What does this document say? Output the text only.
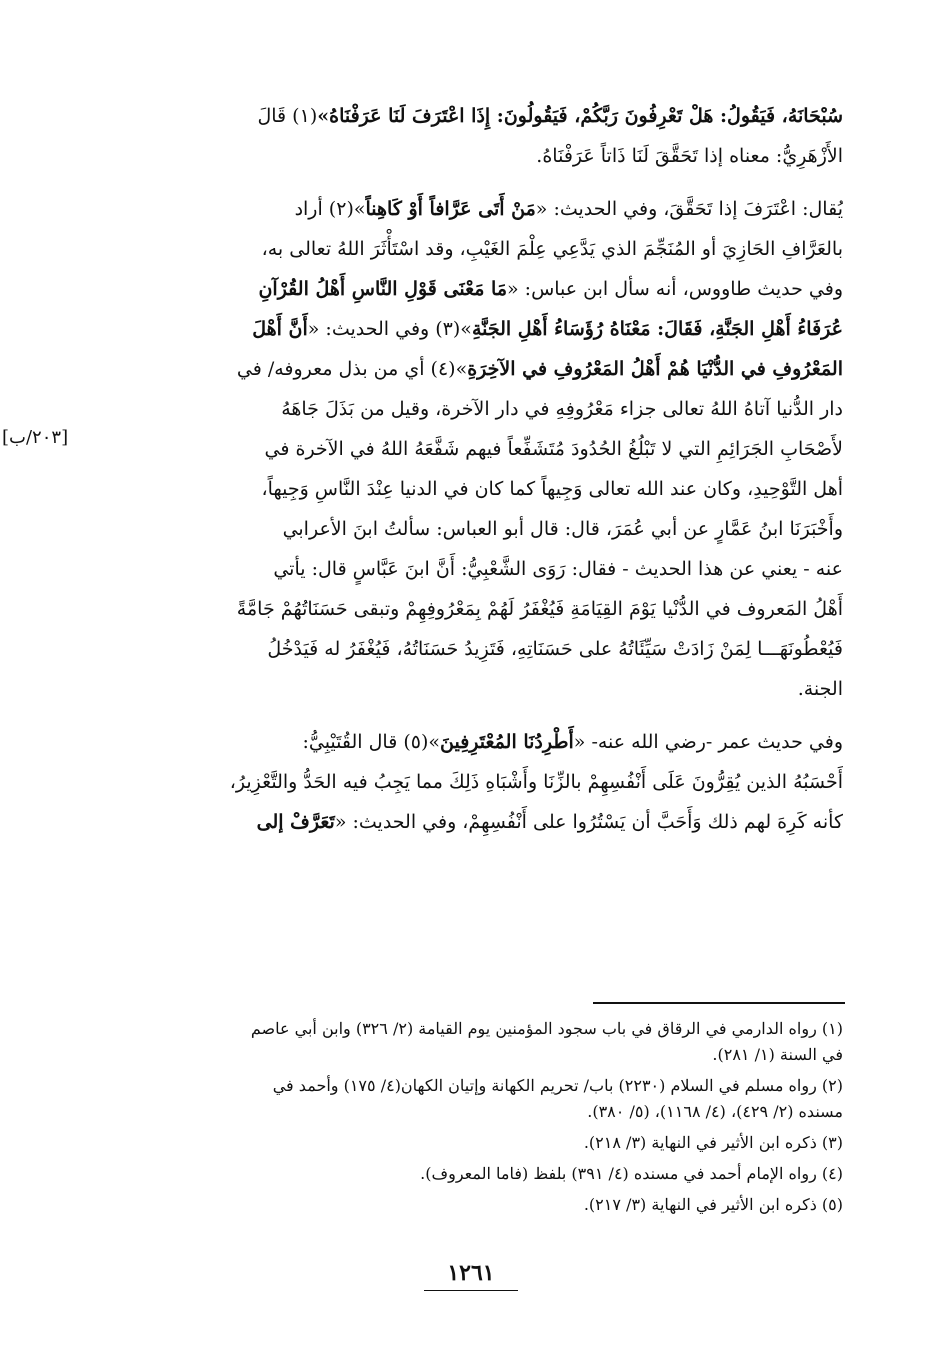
سُبْحَانَهُ، فَيَقُولُ: هَلْ تَعْرِفُونَ رَبَّكُمْ، فَيَقُولُونَ: إِذَا اعْتَرَفَ لَنَا عَرَفْنَاهُ»(١) قَالَ
الأَزْهَرِيُّ: معناه إذا تَحَقَّقَ لَنَا ذَاتاً عَرَفْنَاهُ.
يُقال: اعْتَرَفَ إذا تَحَقَّقَ، وفي الحديث: «مَنْ أَتَى عَرَّافاً أَوْ كَاهِناً»(٢) أراد
بالعَرَّافِ الحَازِيَ أو المُنَجِّمَ الذي يَدَّعِي عِلْمَ الغَيْبِ، وقد اسْتَأْثَرَ اللهُ تعالى به،
وفي حديث طاووس، أنه سأل ابن عباس: «مَا مَعْنَى قَوْلِ النَّاسِ أَهْلُ القُرْآنِ
عُرَفَاءُ أَهْلِ الجَنَّةِ، فَقَالَ: مَعْنَاهُ رُؤَسَاءُ أَهْلِ الجَنَّةِ»(٣) وفي الحديث: «أَنَّ أَهْلَ
المَعْرُوفِ في الدُّنْيَا هُمْ أَهْلُ المَعْرُوفِ في الآخِرَةِ»(٤) أي من بذل معروفه/ في
دار الدُّنيا آتاهُ اللهُ تعالى جزاء مَعْرُوفِهِ في دار الآخرة، وقيل من بَذَلَ جَاهَهُ
لأَصْحَابِ الجَرَائِمِ التي لا تَبْلُغُ الحُدُودَ مُتَشَفِّعاً فيهم شَفَّعَهُ اللهُ في الآخرة في
أهل التَّوْحِيدِ، وكان عند الله تعالى وَجِيهاً كما كان في الدنيا عِنْدَ النَّاسِ وَجِيهاً،
وأَخْبَرَنَا ابنُ عَمَّارٍ عن أبي عُمَرَ، قال: قال أبو العباس: سألتُ ابنَ الأعرابي
عنه - يعني عن هذا الحديث - فقال: رَوَى الشَّعْبِيُّ: أَنَّ ابنَ عَبَّاسٍ قال: يأتي
أَهْلُ المَعروف في الدُّنْيا يَوْمَ القِيَامَةِ فَيُغْفَرُ لَهُمْ بِمَعْرُوفِهِمْ وتبقى حَسَنَاتُهُمْ جَامَّةً
فَيُعْطُونَهَـــا لِمَنْ زَادَتْ سَيِّئَاتُهُ على حَسَنَاتِهِ، فَتَزِيدُ حَسَنَاتُهُ، فَيُغْفَرُ له فَيَدْخُلُ
الجنة.
وفي حديث عمر -رضي الله عنه- «أَطْرِدُنَا المُعْتَرِفِينَ»(٥) قال القُتَيْبِيُّ:
أَحْسَبُهُ الذين يُقِرُّونَ عَلَى أَنْفُسِهِمْ بالزِّنَا وأَشْبَاهِ ذَلِكَ مما يَجِبُ فيه الحَدُّ والتَّعْزِيرُ،
كأنه كَرِهَ لهم ذلك وَأَحَبَّ أن يَسْتُرُوا على أَنْفُسِهِمْ، وفي الحديث: «تَعَرَّفْ إلى
[٢٠٣/ب]
(١) رواه الدارمي في الرقاق في باب سجود المؤمنين يوم القيامة (٢/ ٣٢٦) وابن أبي عاصم
في السنة (١/ ٢٨١).
(٢) رواه مسلم في السلام (٢٢٣٠) باب/ تحريم الكهانة وإتيان الكهان(٤/ ١٧٥) وأحمد في
مسنده (٢/ ٤٢٩)، (٤/ ١١٦٨)، (٥/ ٣٨٠).
(٣) ذكره ابن الأثير في النهاية (٣/ ٢١٨).
(٤) رواه الإمام أحمد في مسنده (٤/ ٣٩١) بلفظ (فاما المعروف).
(٥) ذكره ابن الأثير في النهاية (٣/ ٢١٧).
١٢٦١
